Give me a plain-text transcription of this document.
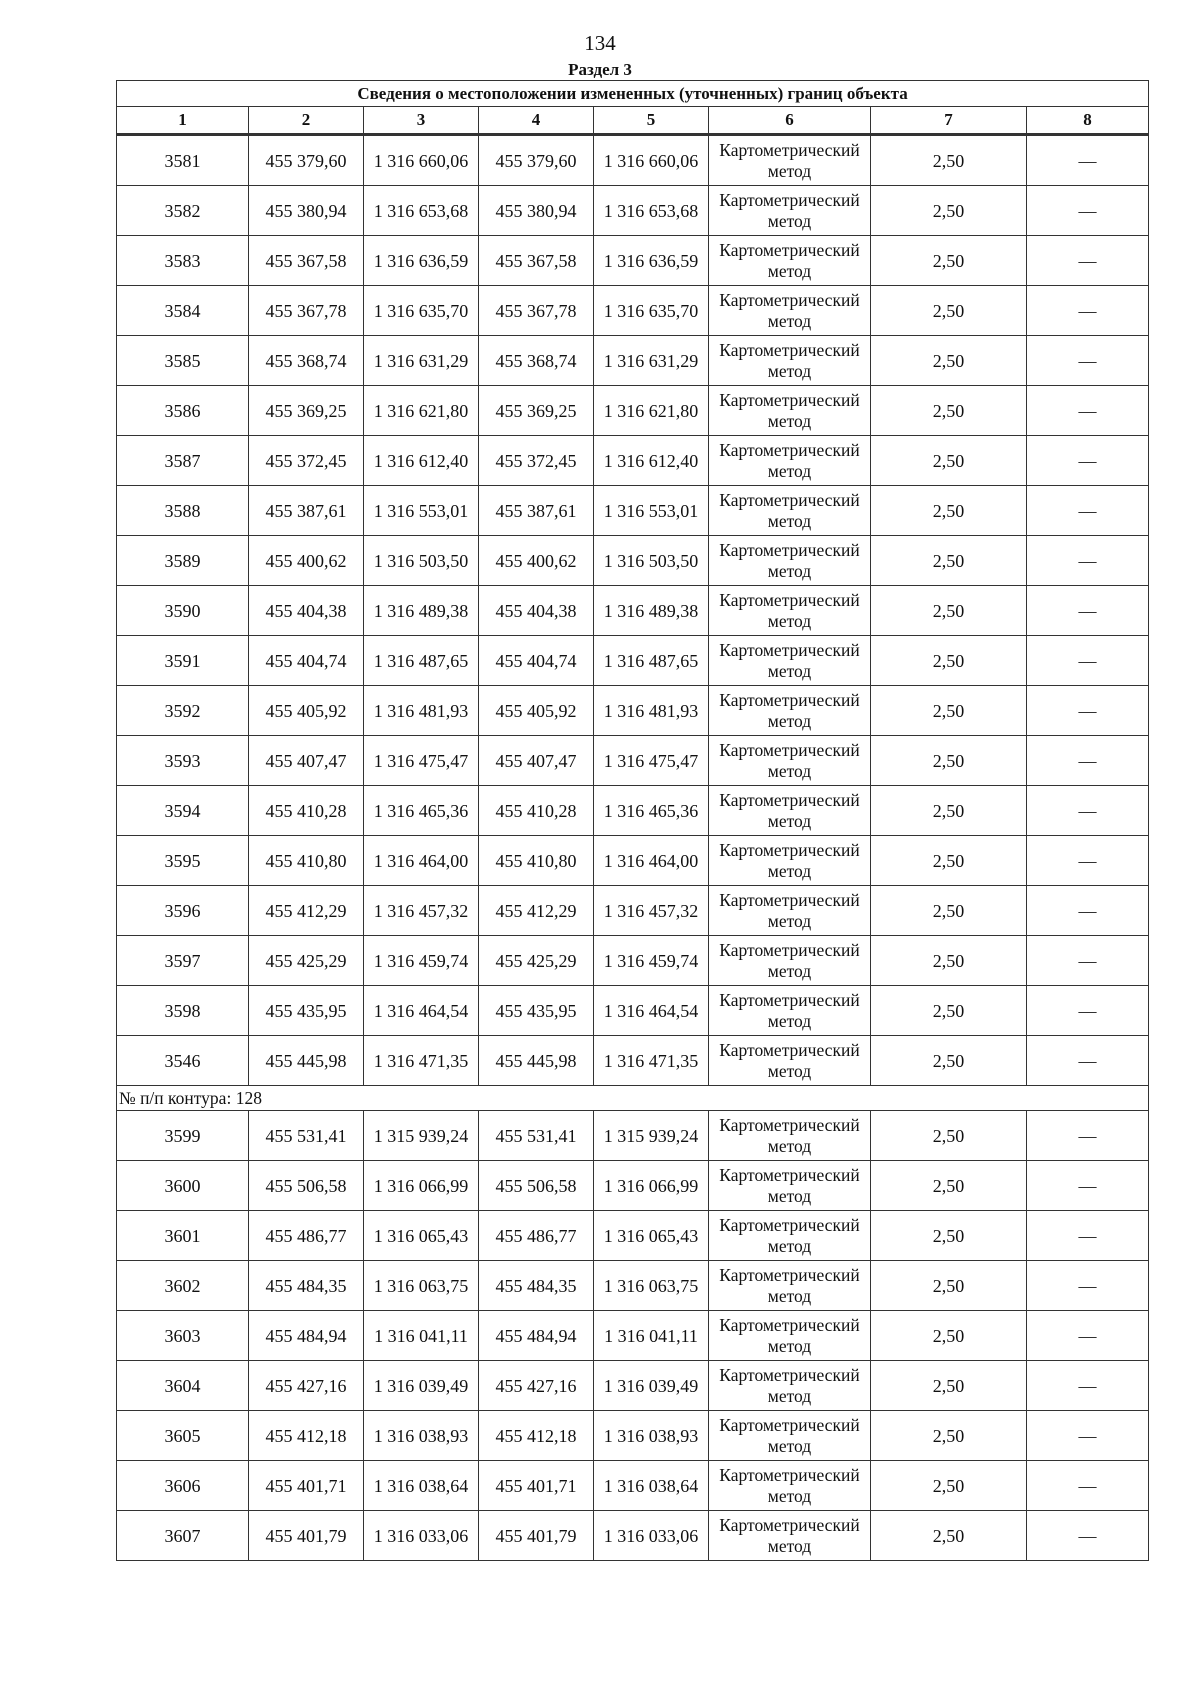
134
Раздел 3
Сведения о местоположении измененных (уточненных) границ объекта							
1	2	3	4	5	6	7	8
3581	455 379,60	1 316 660,06	455 379,60	1 316 660,06	Картометрический метод	2,50	—
3582	455 380,94	1 316 653,68	455 380,94	1 316 653,68	Картометрический метод	2,50	—
3583	455 367,58	1 316 636,59	455 367,58	1 316 636,59	Картометрический метод	2,50	—
3584	455 367,78	1 316 635,70	455 367,78	1 316 635,70	Картометрический метод	2,50	—
3585	455 368,74	1 316 631,29	455 368,74	1 316 631,29	Картометрический метод	2,50	—
3586	455 369,25	1 316 621,80	455 369,25	1 316 621,80	Картометрический метод	2,50	—
3587	455 372,45	1 316 612,40	455 372,45	1 316 612,40	Картометрический метод	2,50	—
3588	455 387,61	1 316 553,01	455 387,61	1 316 553,01	Картометрический метод	2,50	—
3589	455 400,62	1 316 503,50	455 400,62	1 316 503,50	Картометрический метод	2,50	—
3590	455 404,38	1 316 489,38	455 404,38	1 316 489,38	Картометрический метод	2,50	—
3591	455 404,74	1 316 487,65	455 404,74	1 316 487,65	Картометрический метод	2,50	—
3592	455 405,92	1 316 481,93	455 405,92	1 316 481,93	Картометрический метод	2,50	—
3593	455 407,47	1 316 475,47	455 407,47	1 316 475,47	Картометрический метод	2,50	—
3594	455 410,28	1 316 465,36	455 410,28	1 316 465,36	Картометрический метод	2,50	—
3595	455 410,80	1 316 464,00	455 410,80	1 316 464,00	Картометрический метод	2,50	—
3596	455 412,29	1 316 457,32	455 412,29	1 316 457,32	Картометрический метод	2,50	—
3597	455 425,29	1 316 459,74	455 425,29	1 316 459,74	Картометрический метод	2,50	—
3598	455 435,95	1 316 464,54	455 435,95	1 316 464,54	Картометрический метод	2,50	—
3546	455 445,98	1 316 471,35	455 445,98	1 316 471,35	Картометрический метод	2,50	—
№ п/п контура: 128							
3599	455 531,41	1 315 939,24	455 531,41	1 315 939,24	Картометрический метод	2,50	—
3600	455 506,58	1 316 066,99	455 506,58	1 316 066,99	Картометрический метод	2,50	—
3601	455 486,77	1 316 065,43	455 486,77	1 316 065,43	Картометрический метод	2,50	—
3602	455 484,35	1 316 063,75	455 484,35	1 316 063,75	Картометрический метод	2,50	—
3603	455 484,94	1 316 041,11	455 484,94	1 316 041,11	Картометрический метод	2,50	—
3604	455 427,16	1 316 039,49	455 427,16	1 316 039,49	Картометрический метод	2,50	—
3605	455 412,18	1 316 038,93	455 412,18	1 316 038,93	Картометрический метод	2,50	—
3606	455 401,71	1 316 038,64	455 401,71	1 316 038,64	Картометрический метод	2,50	—
3607	455 401,79	1 316 033,06	455 401,79	1 316 033,06	Картометрический метод	2,50	—
